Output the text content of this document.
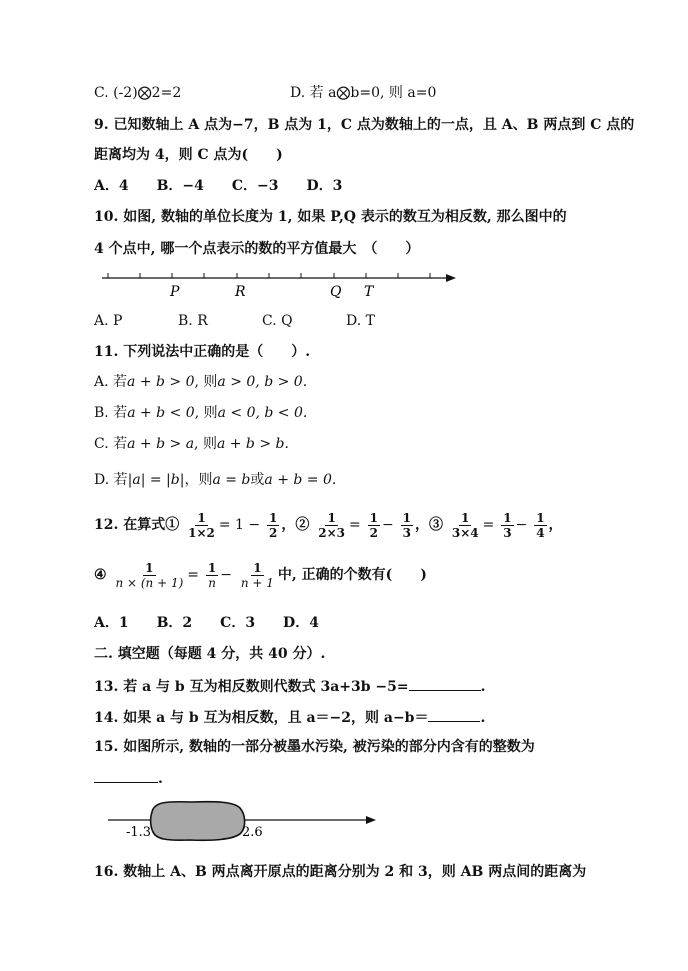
C. (-2)⨂2=2	D. 若 a⨂b=0, 则 a=0
9. 已知数轴上 A 点为−7，B 点为 1，C 点为数轴上的一点，且 A、B 两点到 C 点的
距离均为 4，则 C 点为(　　)
A．4　　B．−4　　C．−3　　D．3
10. 如图, 数轴的单位长度为 1, 如果 P,Q 表示的数互为相反数, 那么图中的
4 个点中, 哪一个点表示的数的平方值最大　（　　）
P	R	Q T
A. P	B. R	C. Q	D. T
11. 下列说法中正确的是（　　）.
A. 若a + b > 0, 则a > 0, b > 0.
B. 若a + b < 0, 则a < 0, b < 0.
C. 若a + b > a, 则a + b > b.
D. 若|a| = |b|，则a = b或a + b = 0.
12. 在算式① $\frac{1}{1\times 2} = 1 - \frac{1}{2}$ ，② $\frac{1}{2\times 3} = \frac{1}{2} - \frac{1}{3}$ ，③ $\frac{1}{3\times 4} = \frac{1}{3} - \frac{1}{4}$ ，
④ $\frac{1}{n \times (n + 1)} = \frac{1}{n} - \frac{1}{n + 1}$ 中, 正确的个数有(　　)
A．1　　B．2　　C．3　　D．4
二. 填空题（每题 4 分，共 40 分）.
13. 若 a 与 b 互为相反数则代数式 3a+3b −5=	.
14. 如果 a 与 b 互为相反数，且 a＝−2，则 a−b＝	.
15. 如图所示, 数轴的一部分被墨水污染, 被污染的部分内含有的整数为
.
-1.3	2.6
16. 数轴上 A、B 两点离开原点的距离分别为 2 和 3，则 AB 两点间的距离为
